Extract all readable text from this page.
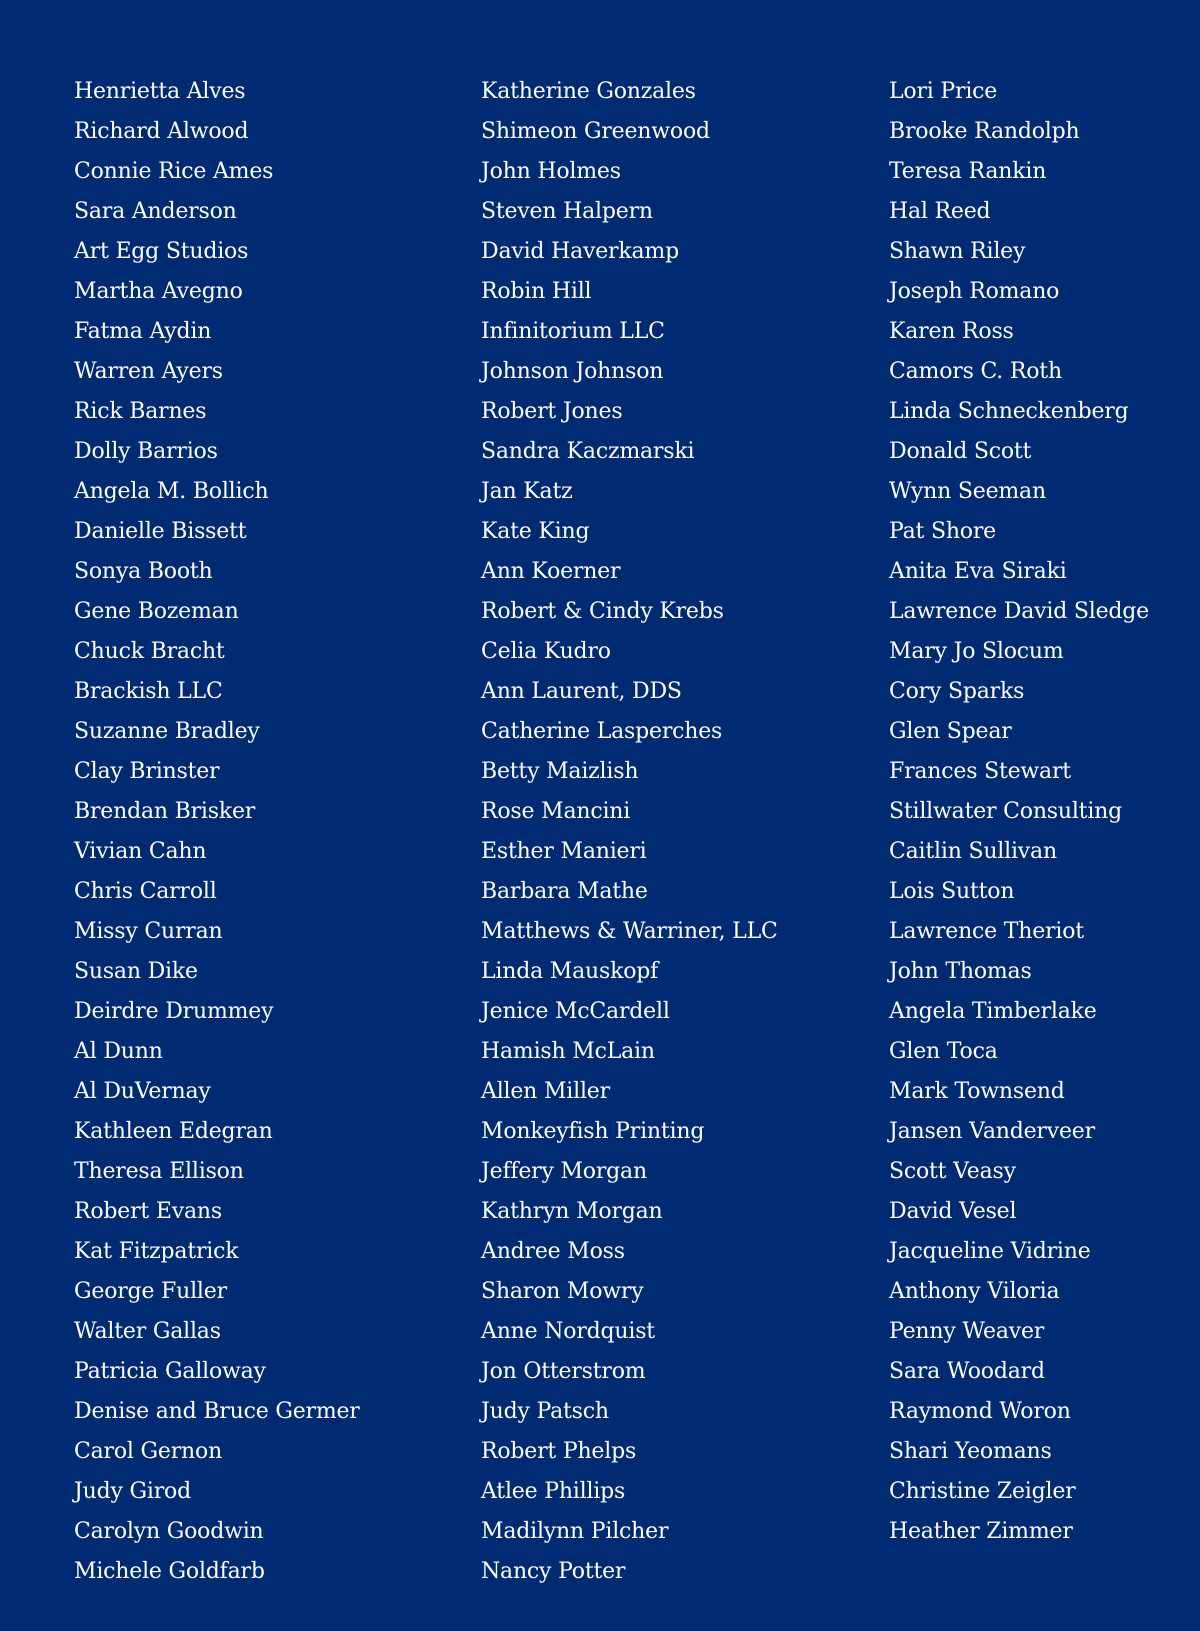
Henrietta Alves
Richard Alwood
Connie Rice Ames
Sara Anderson
Art Egg Studios
Martha Avegno
Fatma Aydin
Warren Ayers
Rick Barnes
Dolly Barrios
Angela M. Bollich
Danielle Bissett
Sonya Booth
Gene Bozeman
Chuck Bracht
Brackish LLC
Suzanne Bradley
Clay Brinster
Brendan Brisker
Vivian Cahn
Chris Carroll
Missy Curran
Susan Dike
Deirdre Drummey
Al Dunn
Al DuVernay
Kathleen Edegran
Theresa Ellison
Robert Evans
Kat Fitzpatrick
George Fuller
Walter Gallas
Patricia Galloway
Denise and Bruce Germer
Carol Gernon
Judy Girod
Carolyn Goodwin
Michele Goldfarb
Katherine Gonzales
Shimeon Greenwood
John Holmes
Steven Halpern
David Haverkamp
Robin Hill
Infinitorium LLC
Johnson Johnson
Robert Jones
Sandra Kaczmarski
Jan Katz
Kate King
Ann Koerner
Robert & Cindy Krebs
Celia Kudro
Ann Laurent, DDS
Catherine Lasperches
Betty Maizlish
Rose Mancini
Esther Manieri
Barbara Mathe
Matthews & Warriner, LLC
Linda Mauskopf
Jenice McCardell
Hamish McLain
Allen Miller
Monkeyfish Printing
Jeffery Morgan
Kathryn Morgan
Andree Moss
Sharon Mowry
Anne Nordquist
Jon Otterstrom
Judy Patsch
Robert Phelps
Atlee Phillips
Madilynn Pilcher
Nancy Potter
Lori Price
Brooke Randolph
Teresa Rankin
Hal Reed
Shawn Riley
Joseph Romano
Karen Ross
Camors C. Roth
Linda Schneckenberg
Donald Scott
Wynn Seeman
Pat Shore
Anita Eva Siraki
Lawrence David Sledge
Mary Jo Slocum
Cory Sparks
Glen Spear
Frances Stewart
Stillwater Consulting
Caitlin Sullivan
Lois Sutton
Lawrence Theriot
John Thomas
Angela Timberlake
Glen Toca
Mark Townsend
Jansen Vanderveer
Scott Veasy
David Vesel
Jacqueline Vidrine
Anthony Viloria
Penny Weaver
Sara Woodard
Raymond Woron
Shari Yeomans
Christine Zeigler
Heather Zimmer
